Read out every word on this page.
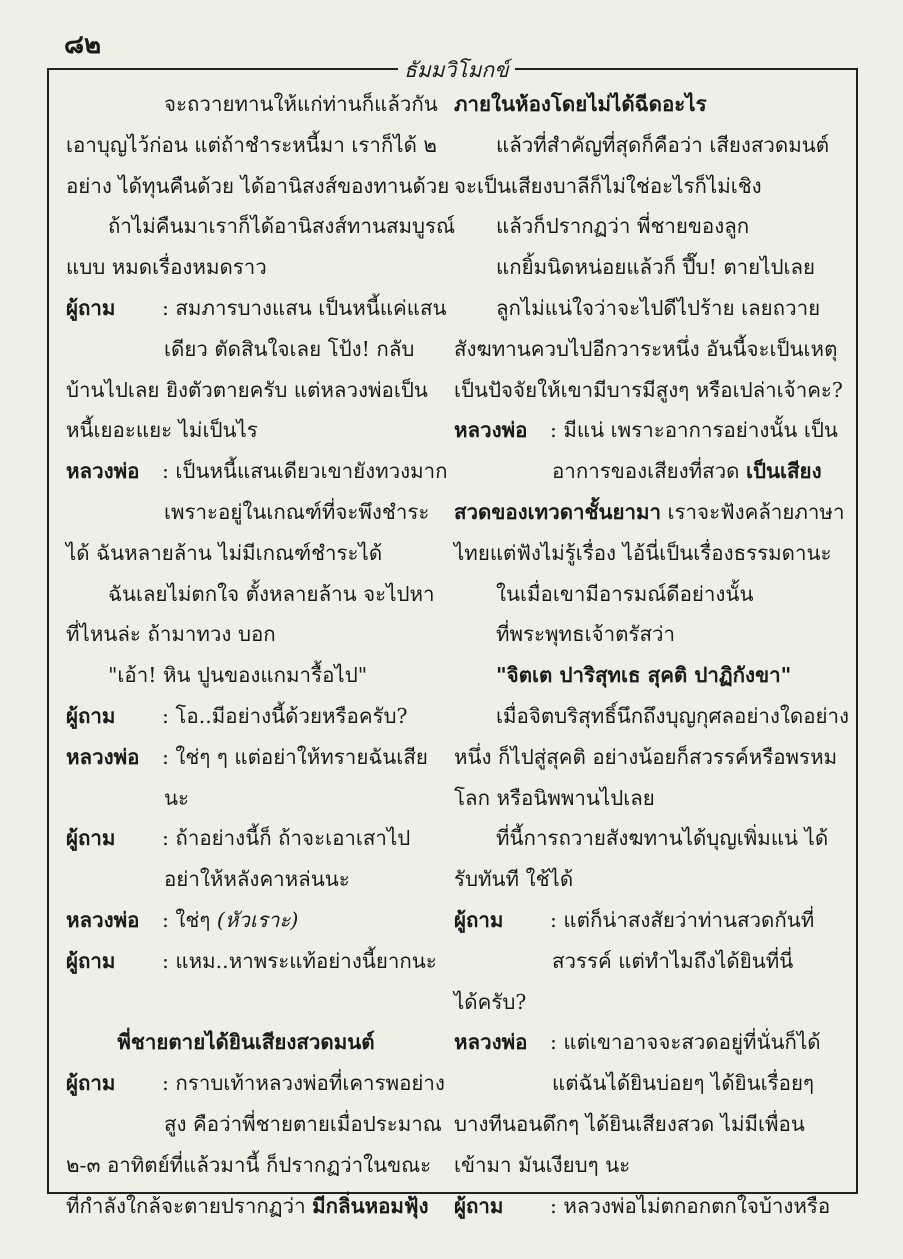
๘๒
ธัมมวิโมกข์
จะถวายทานให้แก่ท่านก็แล้วกัน
เอาบุญไว้ก่อน แต่ถ้าชำระหนี้มา เราก็ได้ ๒
อย่าง ได้ทุนคืนด้วย ได้อานิสงส์ของทานด้วย
ถ้าไม่คืนมาเราก็ได้อานิสงส์ทานสมบูรณ์
แบบ หมดเรื่องหมดราว
ผู้ถาม : สมภารบางแสน เป็นหนี้แค่แสน
เดียว ตัดสินใจเลย โป้ง! กลับ
บ้านไปเลย ยิงตัวตายครับ แต่หลวงพ่อเป็น
หนี้เยอะแยะ ไม่เป็นไร
หลวงพ่อ : เป็นหนี้แสนเดียวเขายังทวงมาก
เพราะอยู่ในเกณฑ์ที่จะพึงชำระ
ได้ ฉันหลายล้าน ไม่มีเกณฑ์ชำระได้
ฉันเลยไม่ตกใจ ตั้งหลายล้าน จะไปหา
ที่ไหนล่ะ ถ้ามาทวง บอก
"เอ้า! หิน ปูนของแกมารื้อไป"
ผู้ถาม : โอ..มีอย่างนี้ด้วยหรือครับ?
หลวงพ่อ : ใช่ๆ ๆ แต่อย่าให้ทรายฉันเสีย
นะ
ผู้ถาม : ถ้าอย่างนี้ก็ ถ้าจะเอาเสาไป
อย่าให้หลังคาหล่นนะ
หลวงพ่อ : ใช่ๆ (หัวเราะ)
ผู้ถาม : แหม..หาพระแท้อย่างนี้ยากนะ
พี่ชายตายได้ยินเสียงสวดมนต์
ผู้ถาม : กราบเท้าหลวงพ่อที่เคารพอย่าง
สูง คือว่าพี่ชายตายเมื่อประมาณ
๒-๓ อาทิตย์ที่แล้วมานี้ ก็ปรากฏว่าในขณะ
ที่กำลังใกล้จะตายปรากฏว่า มีกลิ่นหอมฟุ้ง
ภายในห้องโดยไม่ได้ฉีดอะไร
แล้วที่สำคัญที่สุดก็คือว่า เสียงสวดมนต์
จะเป็นเสียงบาลีก็ไม่ใช่อะไรก็ไม่เชิง
แล้วก็ปรากฏว่า พี่ชายของลูก
แกยิ้มนิดหน่อยแล้วก็ ปึ๊บ! ตายไปเลย
ลูกไม่แน่ใจว่าจะไปดีไปร้าย เลยถวาย
สังฆทานควบไปอีกวาระหนึ่ง อันนี้จะเป็นเหตุ
เป็นปัจจัยให้เขามีบารมีสูงๆ หรือเปล่าเจ้าคะ?
หลวงพ่อ : มีแน่ เพราะอาการอย่างนั้น เป็น
อาการของเสียงที่สวด เป็นเสียง
สวดของเทวดาชั้นยามา เราจะฟังคล้ายภาษา
ไทยแต่ฟังไม่รู้เรื่อง ไอ้นี่เป็นเรื่องธรรมดานะ
ในเมื่อเขามีอารมณ์ดีอย่างนั้น
ที่พระพุทธเจ้าตรัสว่า
"จิตเต ปาริสุทเธ สุคติ ปาฏิกังขา"
เมื่อจิตบริสุทธิ์นึกถึงบุญกุศลอย่างใดอย่าง
หนึ่ง ก็ไปสู่สุคติ อย่างน้อยก็สวรรค์หรือพรหม
โลก หรือนิพพานไปเลย
ที่นี้การถวายสังฆทานได้บุญเพิ่มแน่ ได้
รับทันที ใช้ได้
ผู้ถาม : แต่ก็น่าสงสัยว่าท่านสวดกันที่
สวรรค์ แต่ทำไมถึงได้ยินที่นี่
ได้ครับ?
หลวงพ่อ : แต่เขาอาจจะสวดอยู่ที่นั่นก็ได้
แต่ฉันได้ยินบ่อยๆ ได้ยินเรื่อยๆ
บางทีนอนดึกๆ ได้ยินเสียงสวด ไม่มีเพื่อน
เข้ามา มันเงียบๆ นะ
ผู้ถาม : หลวงพ่อไม่ตกอกตกใจบ้างหรือ
